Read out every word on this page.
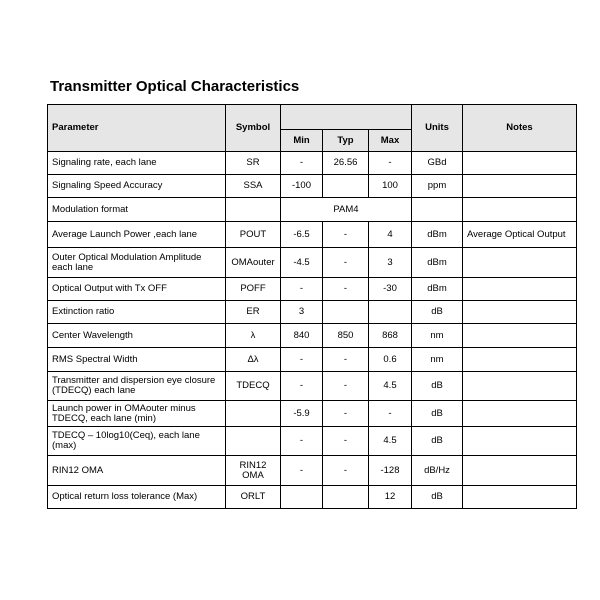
Transmitter Optical Characteristics
Parameter	Symbol				Units	Notes
		Min	Typ	Max		
Signaling rate, each lane	SR	-	26.56	-	GBd	
Signaling Speed Accuracy	SSA	-100		100	ppm	
Modulation format		PAM4				
Average Launch Power ,each lane	POUT	-6.5	-	4	dBm	Average Optical Output
Outer Optical Modulation Amplitude each lane	OMAouter	-4.5	-	3	dBm	
Optical Output with Tx OFF	POFF	-	-	-30	dBm	
Extinction ratio	ER	3			dB	
Center Wavelength	λ	840	850	868	nm	
RMS Spectral Width	Δλ	-	-	0.6	nm	
Transmitter and dispersion eye closure (TDECQ) each lane	TDECQ	-	-	4.5	dB	
Launch power in OMAouter minus TDECQ, each lane (min)		-5.9	-	-	dB	
TDECQ – 10log10(Ceq), each lane (max)		-	-	4.5	dB	
RIN12 OMA	RIN12 OMA	-	-	-128	dB/Hz	
Optical return loss tolerance (Max)	ORLT			12	dB	
